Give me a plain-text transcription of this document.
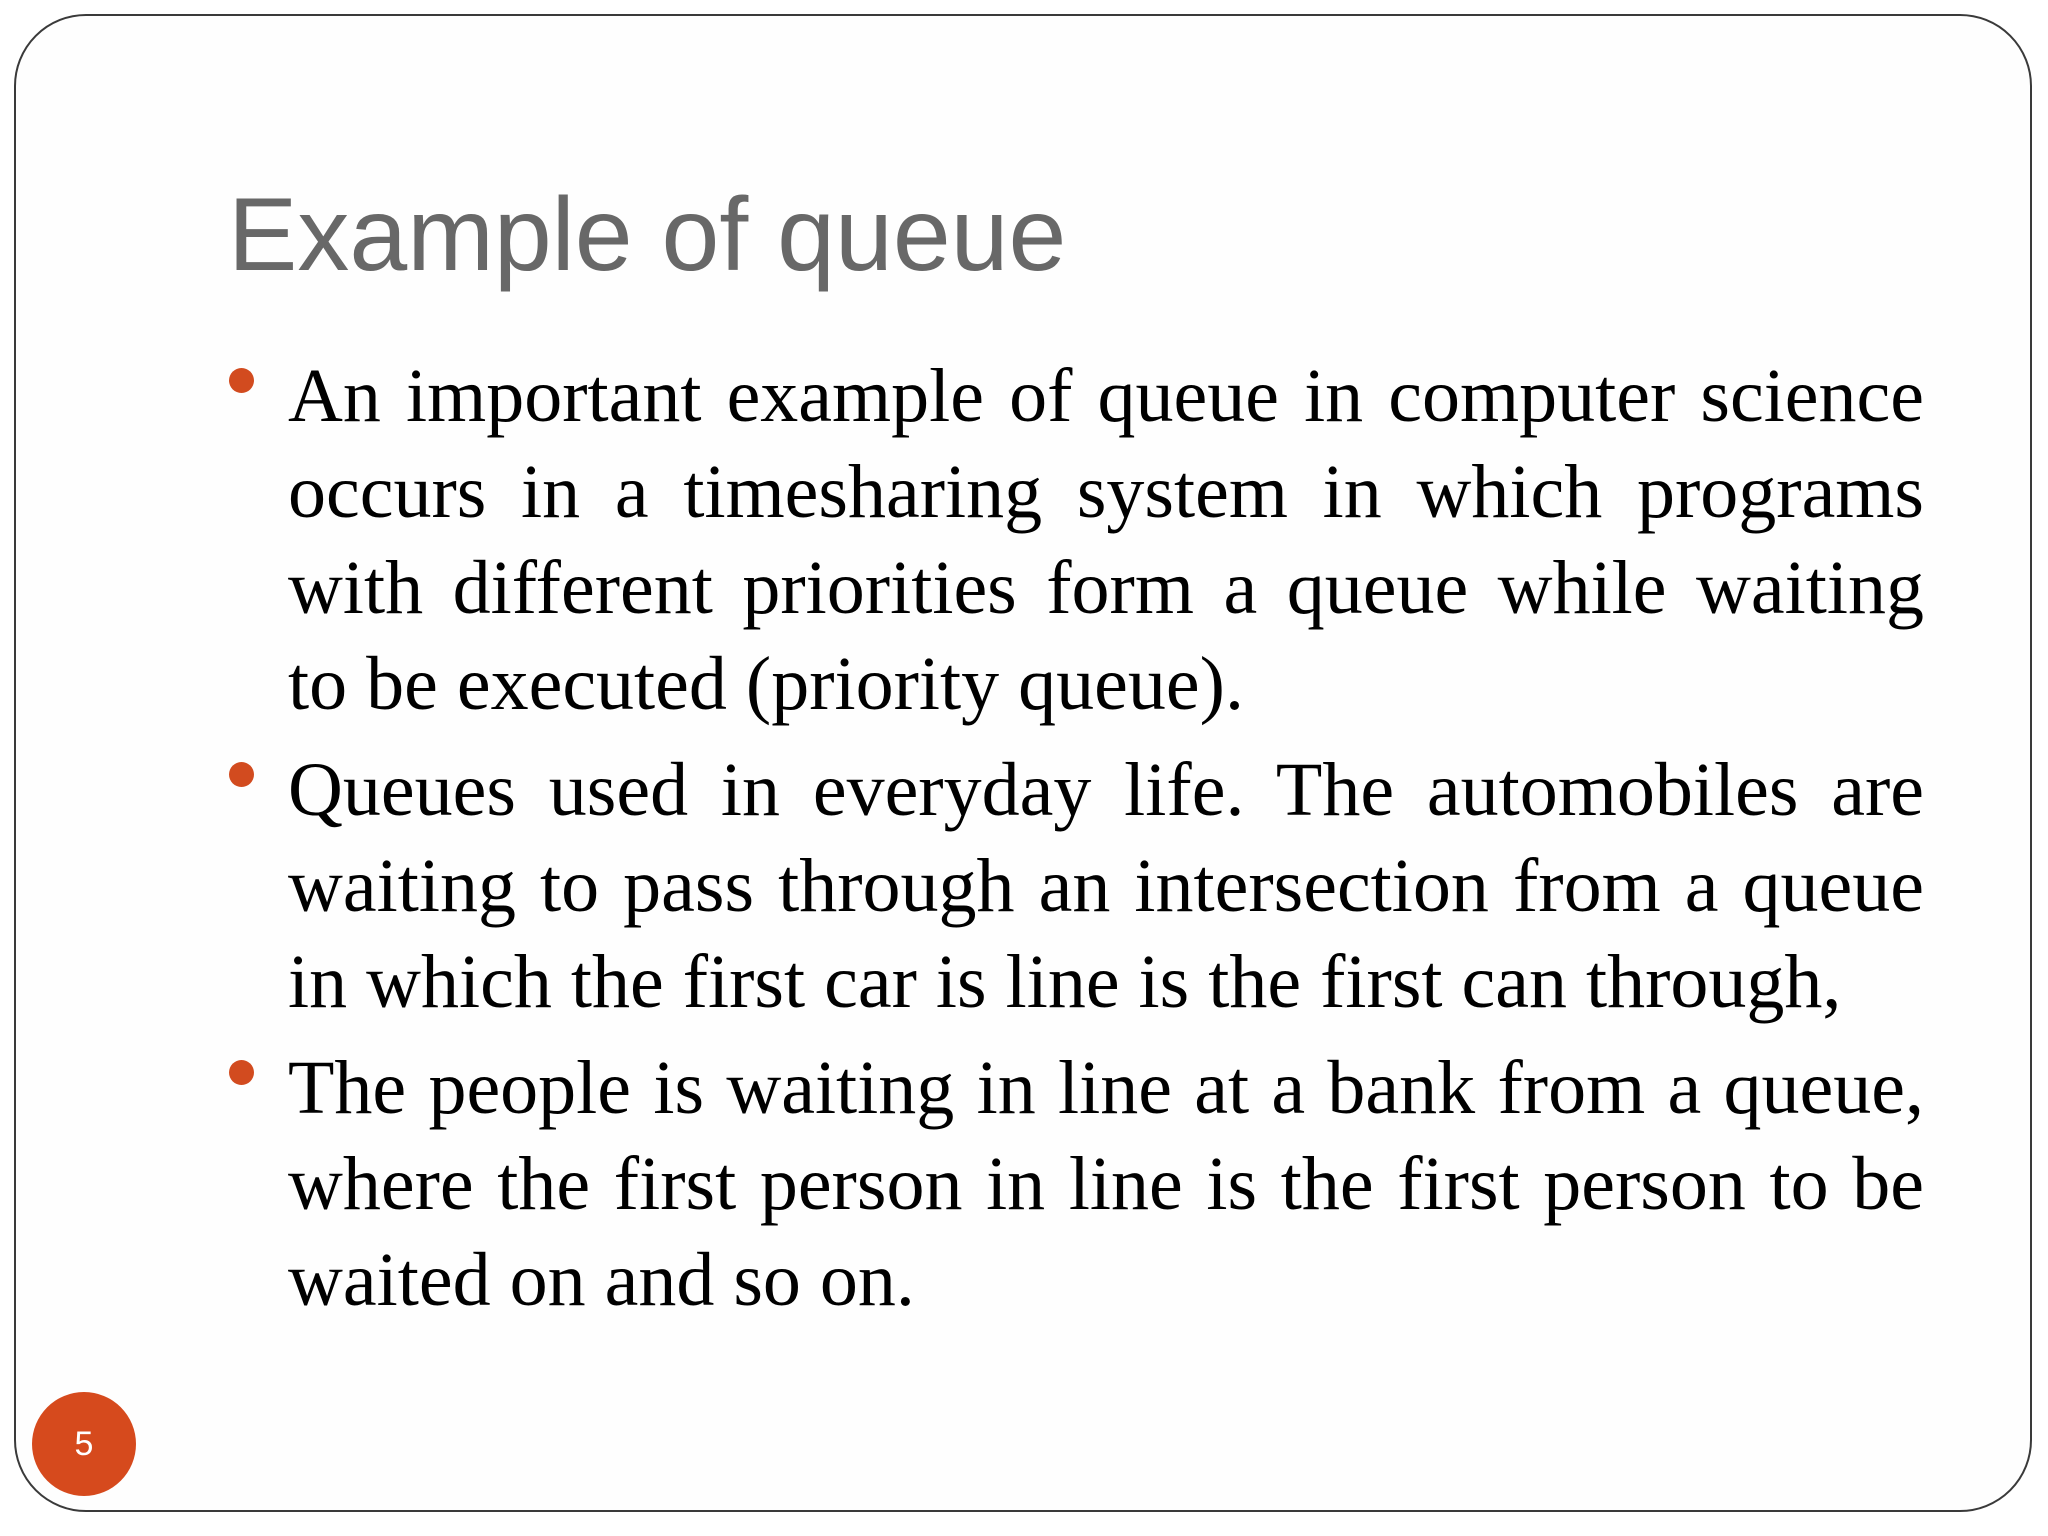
Example of queue
An important example of queue in computer science occurs in a timesharing system in which programs with different priorities form a queue while waiting to be executed (priority queue).
Queues used in everyday life. The automobiles are waiting to pass through an intersection from a queue in which the first car is line is the first can through,
The people is waiting in line at a bank from a queue, where the first person in line is the first person to be waited on and so on.
5
